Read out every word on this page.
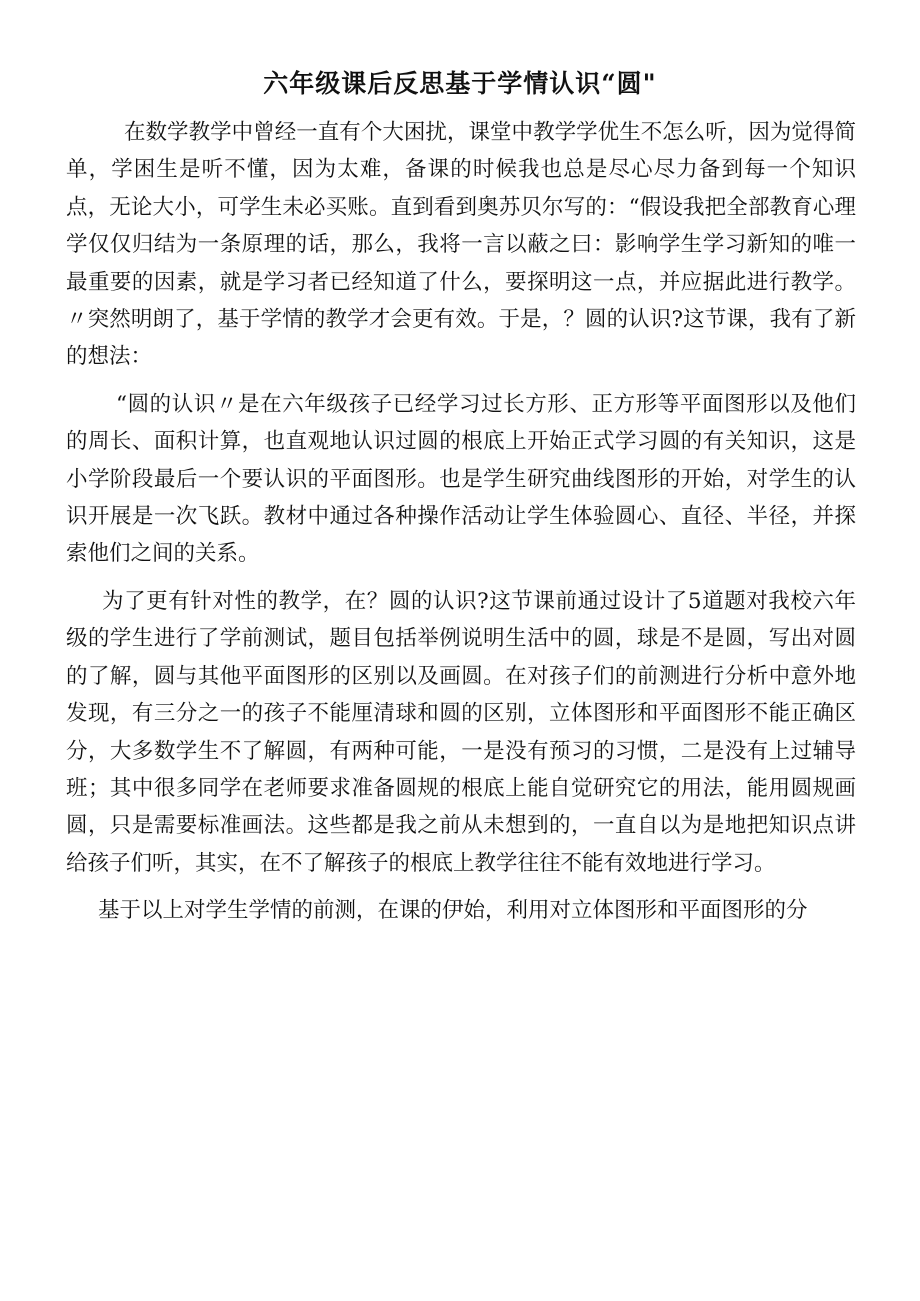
六年级课后反思基于学情认识“圆"

在数学教学中曾经一直有个大困扰，课堂中教学学优生不怎么听，因为觉得简单，学困生是听不懂，因为太难，备课的时候我也总是尽心尽力备到每一个知识点，无论大小，可学生未必买账。直到看到奥苏贝尔写的：“假设我把全部教育心理学仅仅归结为一条原理的话，那么，我将一言以蔽之曰：影响学生学习新知的唯一最重要的因素，就是学习者已经知道了什么，要探明这一点，并应据此进行教学。〃突然明朗了，基于学情的教学才会更有效。于是，？圆的认识?这节课，我有了新的想法：

“圆的认识〃是在六年级孩子已经学习过长方形、正方形等平面图形以及他们的周长、面积计算，也直观地认识过圆的根底上开始正式学习圆的有关知识，这是小学阶段最后一个要认识的平面图形。也是学生研究曲线图形的开始，对学生的认识开展是一次飞跃。教材中通过各种操作活动让学生体验圆心、直径、半径，并探索他们之间的关系。

为了更有针对性的教学，在？圆的认识?这节课前通过设计了5道题对我校六年级的学生进行了学前测试，题目包括举例说明生活中的圆，球是不是圆，写出对圆的了解，圆与其他平面图形的区别以及画圆。在对孩子们的前测进行分析中意外地发现，有三分之一的孩子不能厘清球和圆的区别，立体图形和平面图形不能正确区分，大多数学生不了解圆，有两种可能，一是没有预习的习惯，二是没有上过辅导班；其中很多同学在老师要求准备圆规的根底上能自觉研究它的用法，能用圆规画圆，只是需要标准画法。这些都是我之前从未想到的，一直自以为是地把知识点讲给孩子们听，其实，在不了解孩子的根底上教学往往不能有效地进行学习。

基于以上对学生学情的前测，在课的伊始，利用对立体图形和平面图形的分
